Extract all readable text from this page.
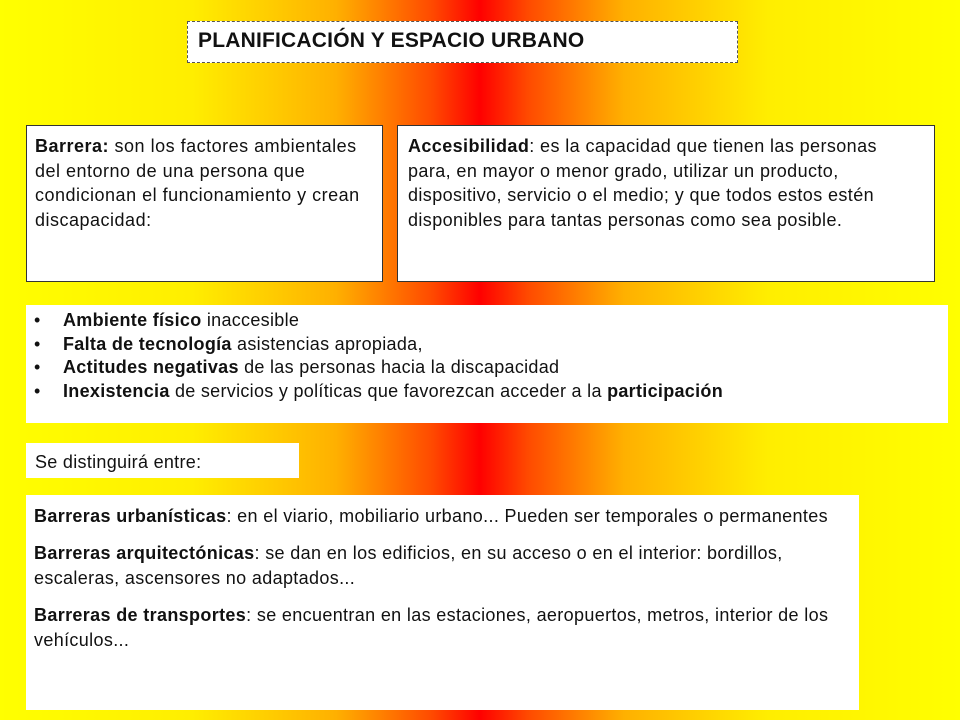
PLANIFICACIÓN Y ESPACIO URBANO
Barrera: son los factores ambientales del entorno de una persona que condicionan el funcionamiento y crean discapacidad:
Accesibilidad: es la capacidad que tienen las personas para, en mayor o menor grado, utilizar un producto, dispositivo, servicio o el medio; y que todos estos estén disponibles para tantas personas como sea posible.
• Ambiente físico inaccesible
• Falta de tecnología asistencias apropiada,
• Actitudes negativas de las personas hacia la discapacidad
• Inexistencia de servicios y políticas que favorezcan acceder a la participación
Se distinguirá entre:

Barreras urbanísticas: en el viario, mobiliario urbano... Pueden ser temporales o permanentes

Barreras arquitectónicas: se dan en los edificios, en su acceso o en el interior: bordillos, escaleras, ascensores no adaptados...

Barreras de transportes: se encuentran en las estaciones, aeropuertos, metros, interior de los vehículos...
